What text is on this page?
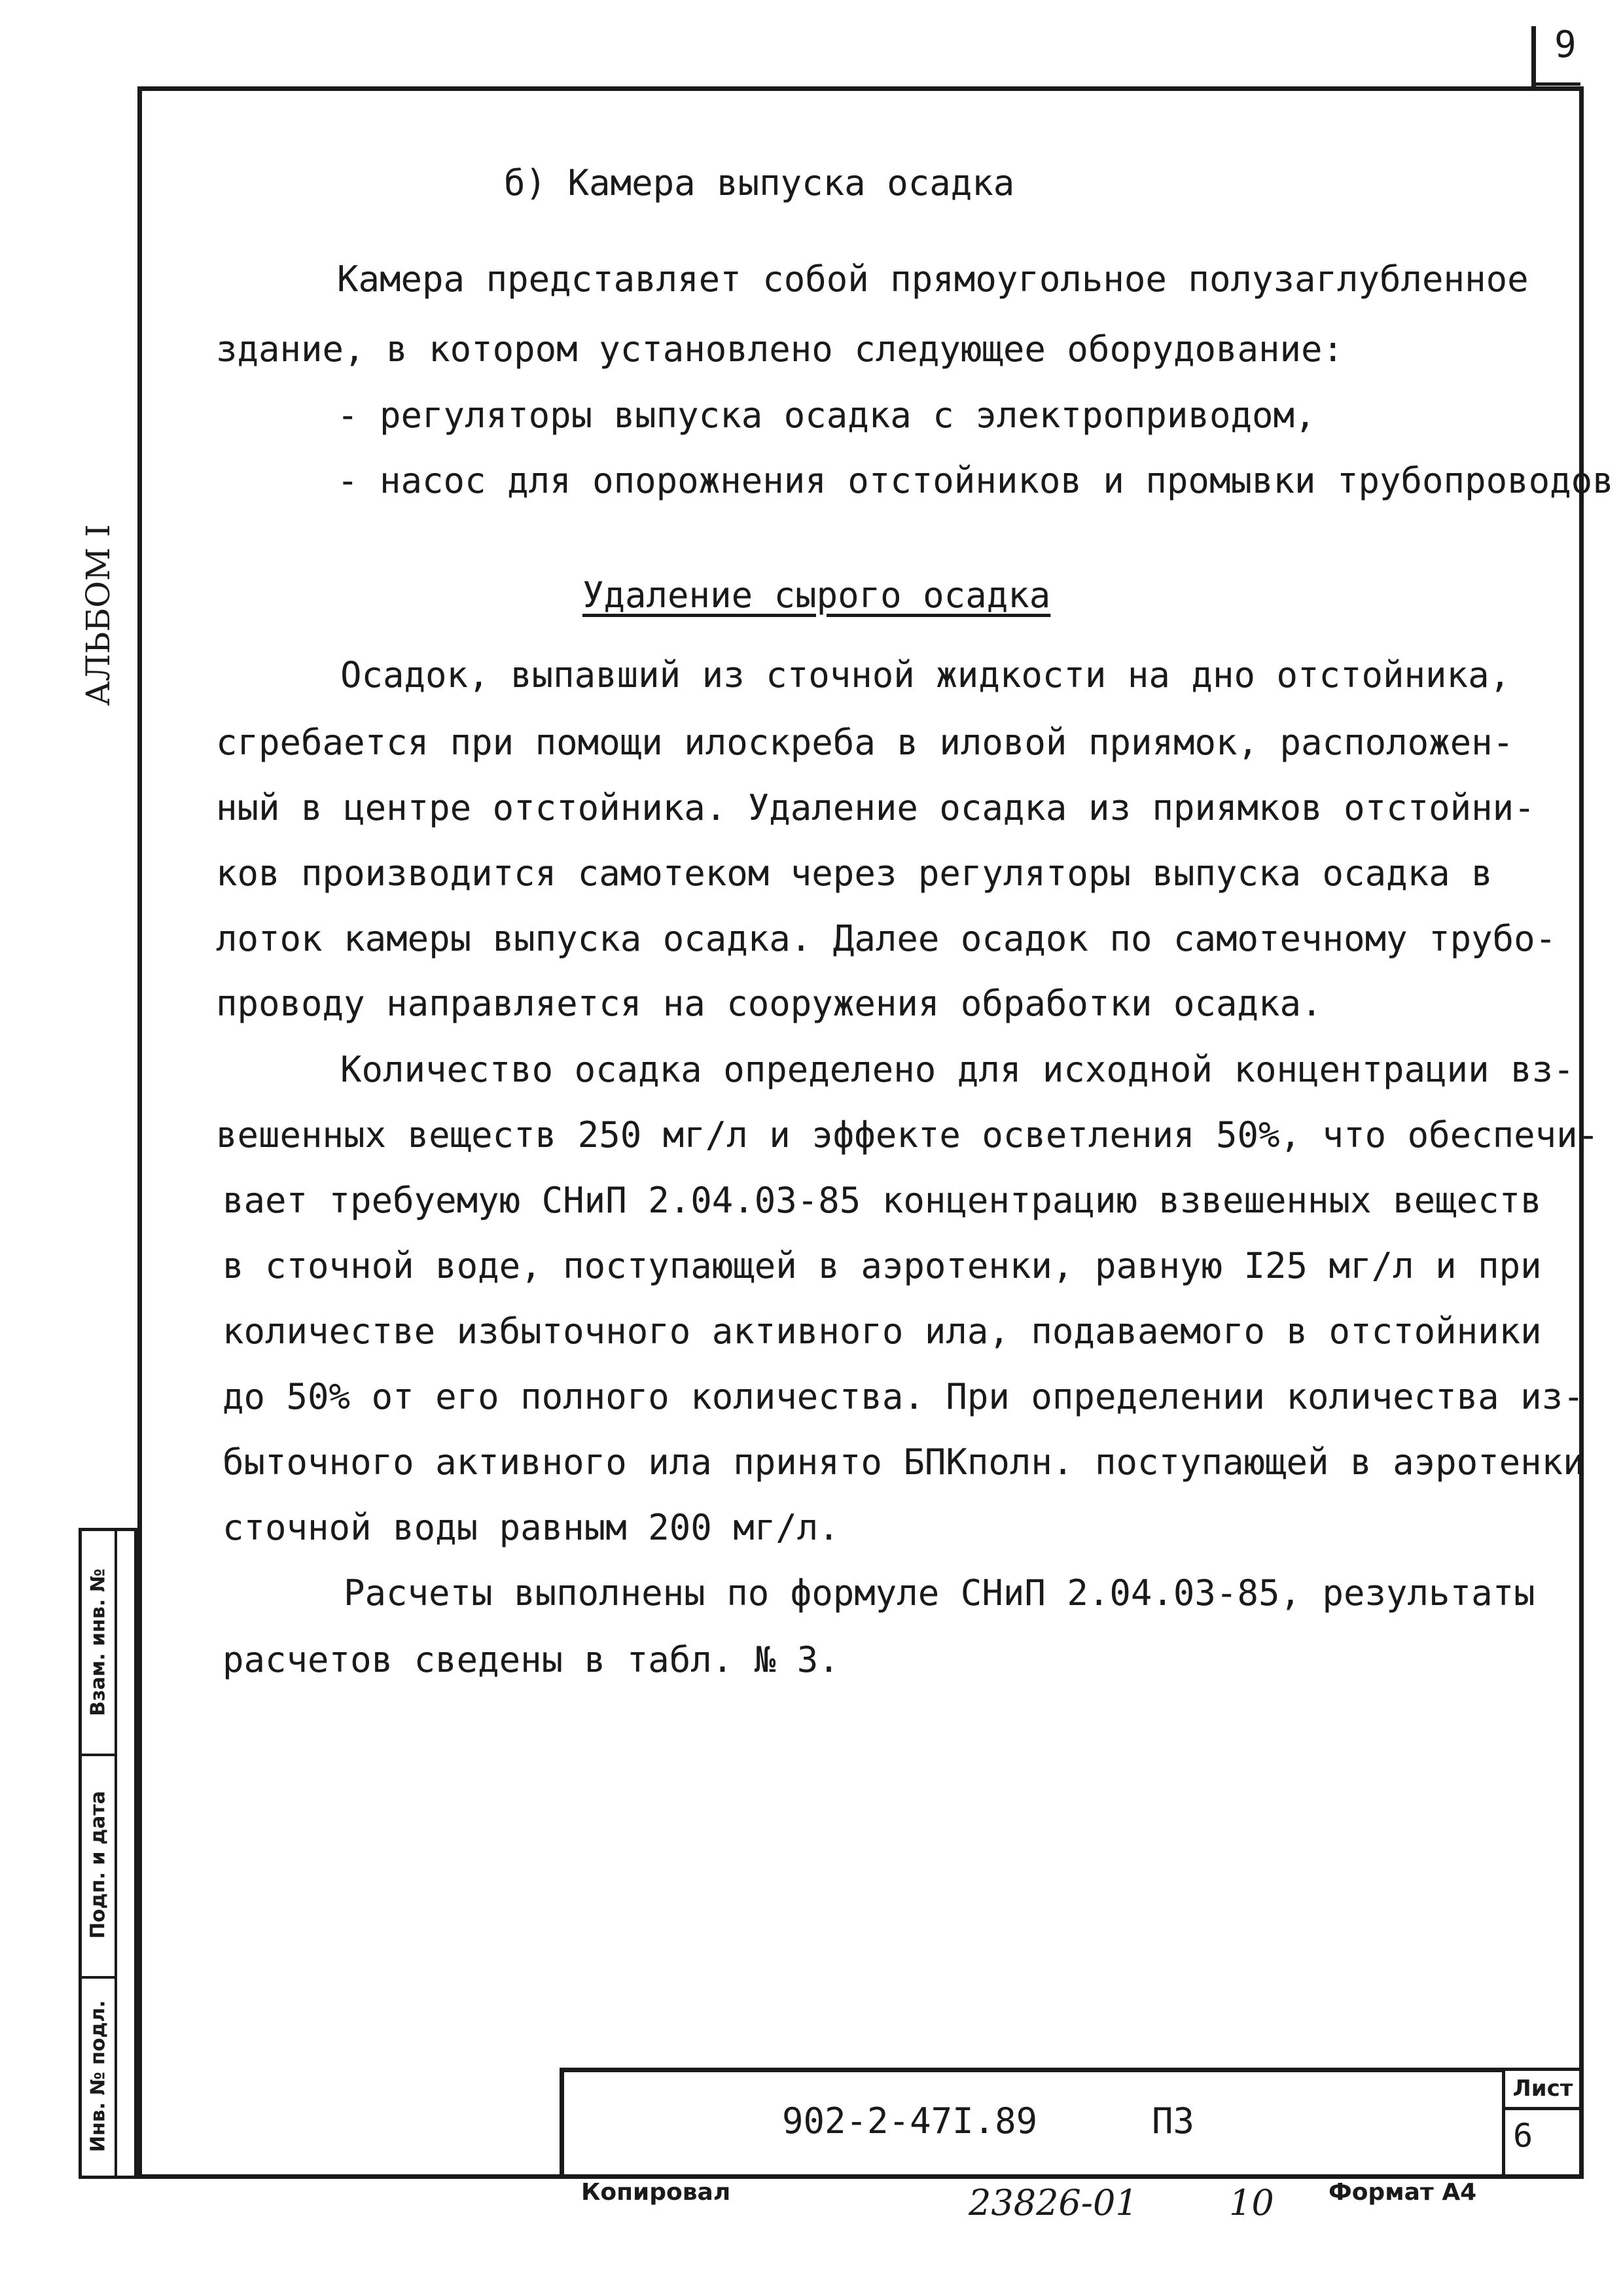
9
АЛЬБОМ I
б) Камера выпуска осадка
Камера представляет собой прямоугольное полузаглубленное
здание, в котором установлено следующее оборудование:
- регуляторы выпуска осадка с электроприводом,
- насос для опорожнения отстойников и промывки трубопроводов
Удаление сырого осадка
Осадок, выпавший из сточной жидкости на дно отстойника,
сгребается при помощи илоскреба в иловой приямок, расположен-
ный в центре отстойника. Удаление осадка из приямков отстойни-
ков производится самотеком через регуляторы выпуска осадка в
лоток камеры выпуска осадка. Далее осадок по самотечному трубо-
проводу направляется на сооружения обработки осадка.
Количество осадка определено для исходной концентрации вз-
вешенных веществ 250 мг/л и эффекте осветления 50%, что обеспечи-
вает требуемую СНиП 2.04.03-85 концентрацию взвешенных веществ
в сточной воде, поступающей в аэротенки, равную I25 мг/л и при
количестве избыточного активного ила, подаваемого в отстойники
до 50% от его полного количества. При определении количества из-
быточного активного ила принято БПКполн. поступающей в аэротенки
сточной воды равным 200 мг/л.
Расчеты выполнены по формуле СНиП 2.04.03-85, результаты
расчетов сведены в табл. № 3.
Взам. инв. №
Подп. и дата
Инв. № подл.	902-2-47I.89	ПЗ
Лист
6
Копировал	23826-01	10 Формат А4
